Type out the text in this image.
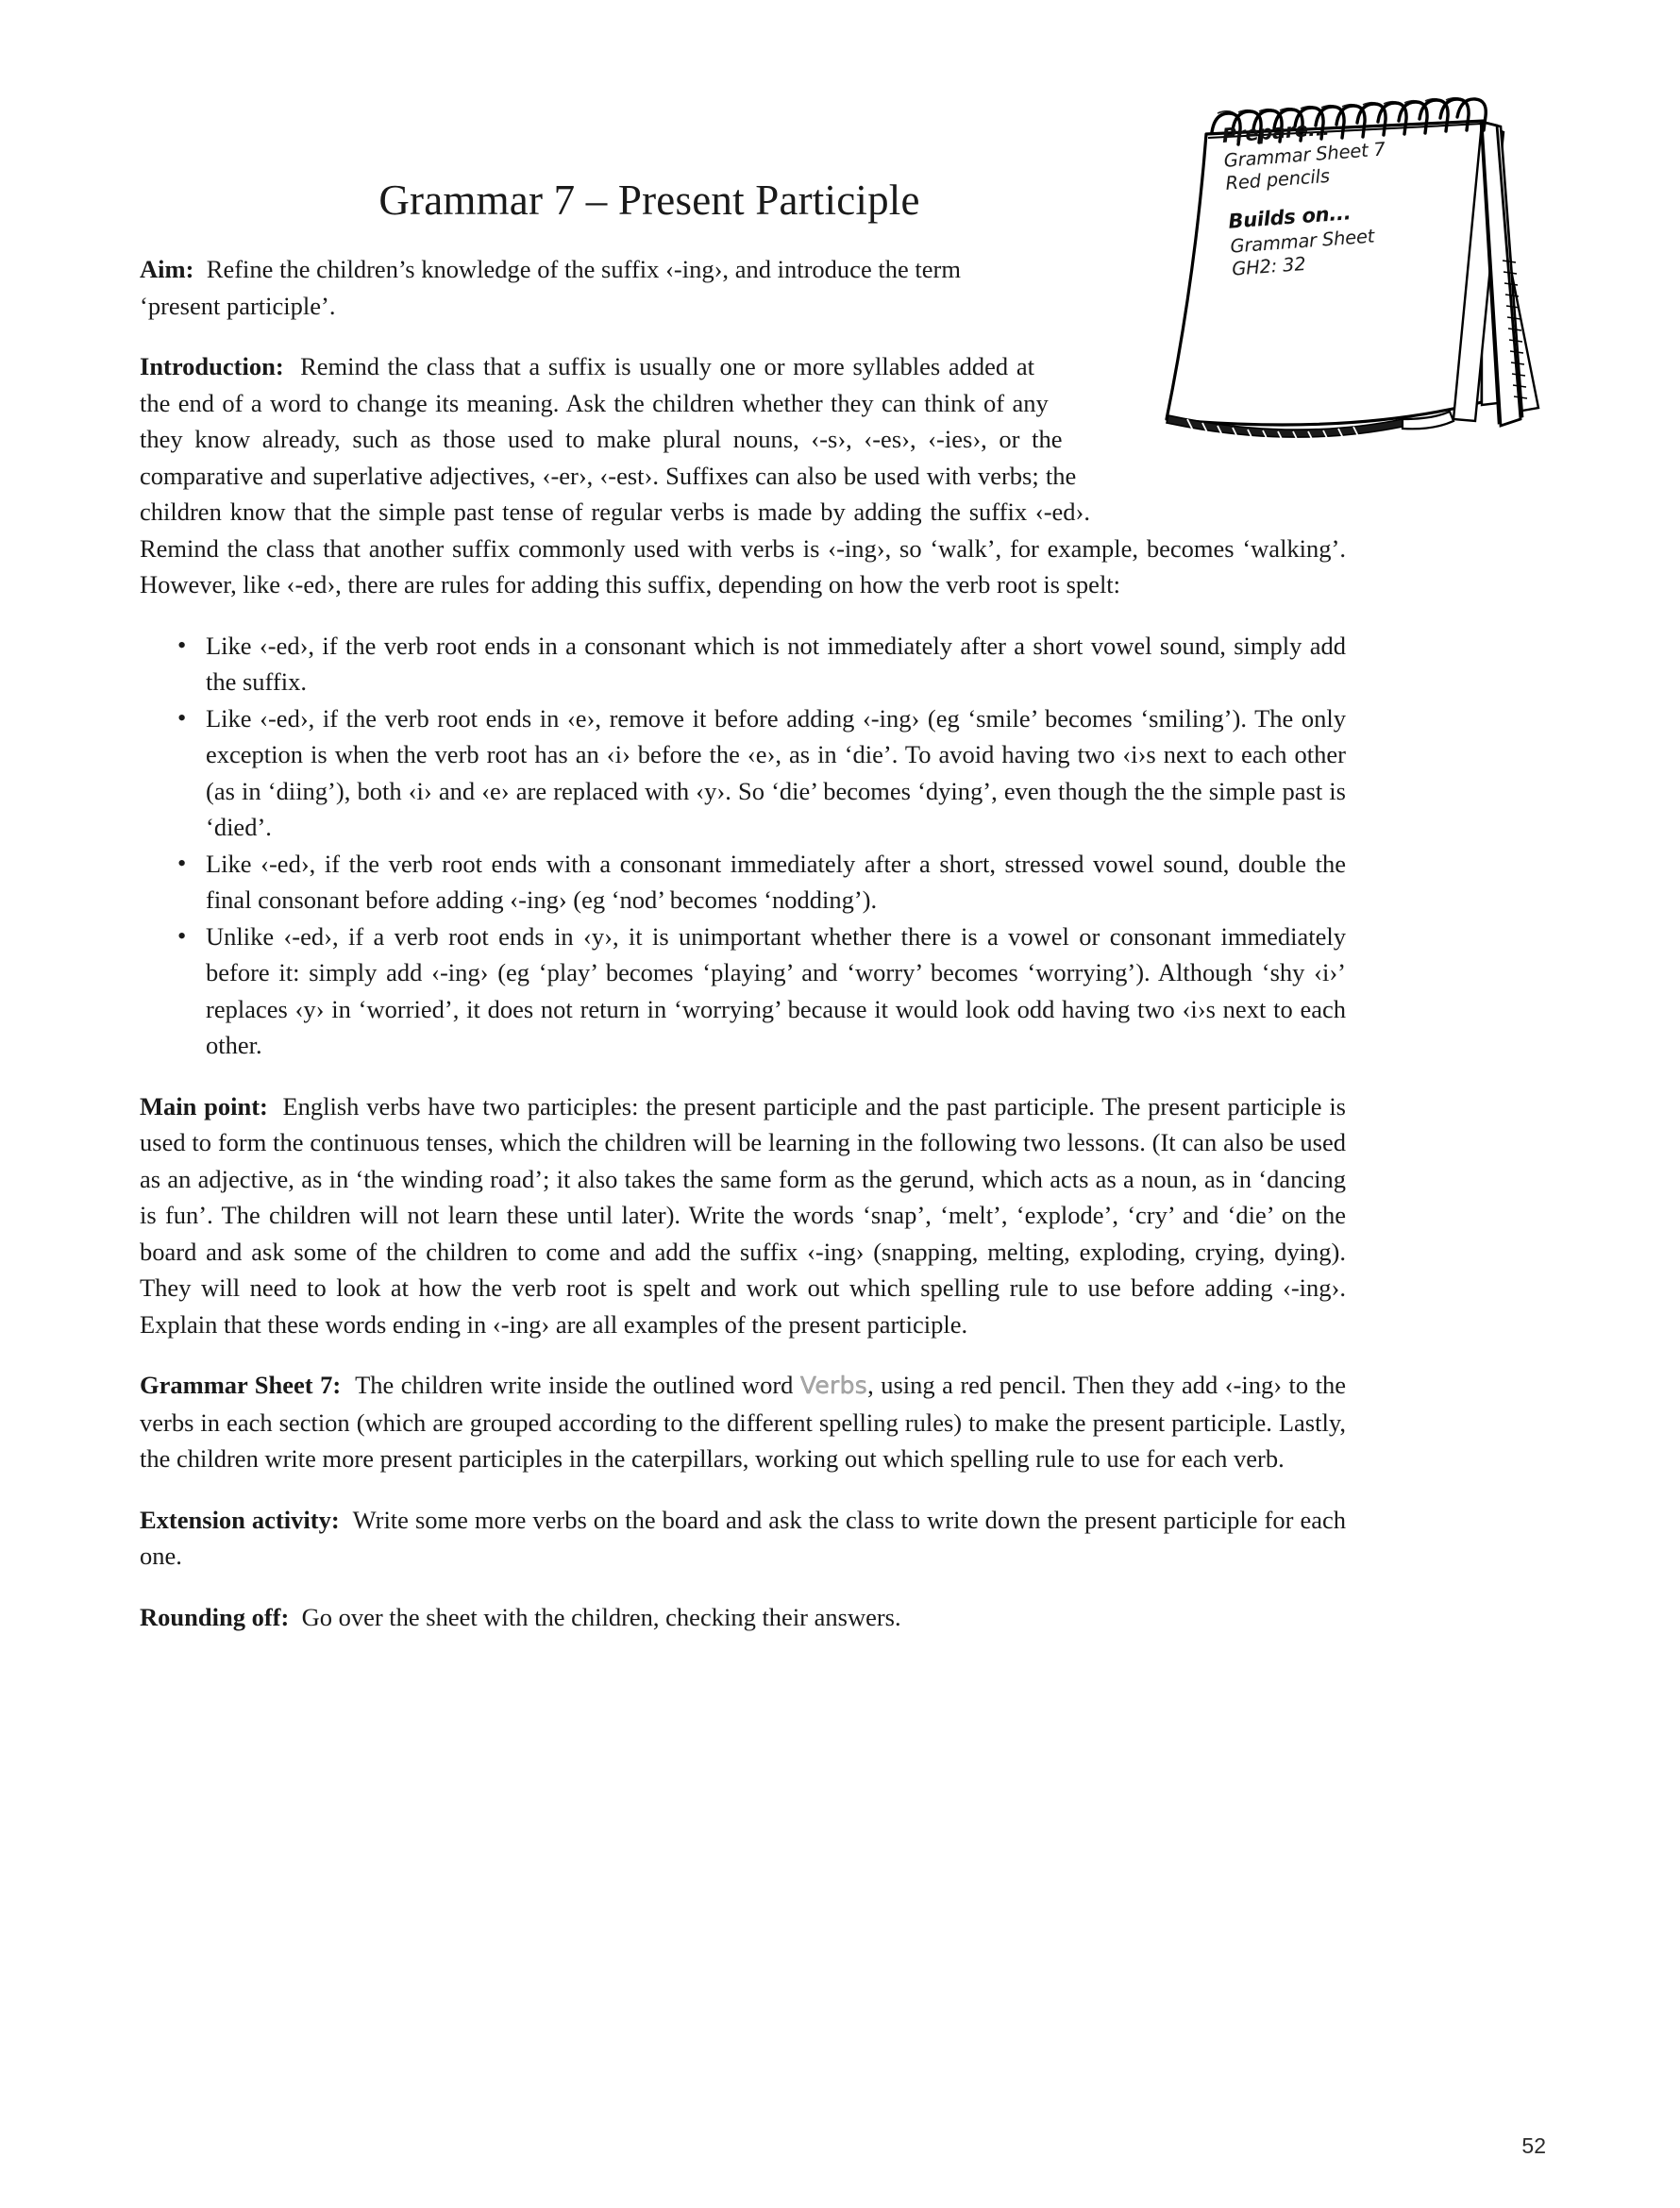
Grammar 7 – Present Participle

Prepare...

Grammar Sheet 7

Red pencils

Builds on...

Grammar Sheet

GH2: 32

Aim: Refine the children’s knowledge of the suffix ‹-ing›, and introduce the term ‘present participle’.

Introduction: Remind the class that a suffix is usually one or more syllables added at the end of a word to change its meaning. Ask the children whether they can think of any they know already, such as those used to make plural nouns, ‹-s›, ‹-es›, ‹-ies›, or the comparative and superlative adjectives, ‹-er›, ‹-est›. Suffixes can also be used with verbs; the children know that the simple past tense of regular verbs is made by adding the suffix ‹-ed›. Remind the class that another suffix commonly used with verbs is ‹-ing›, so ‘walk’, for example, becomes ‘walking’. However, like ‹-ed›, there are rules for adding this suffix, depending on how the verb root is spelt:

• Like ‹-ed›, if the verb root ends in a consonant which is not immediately after a short vowel sound, simply add the suffix.
• Like ‹-ed›, if the verb root ends in ‹e›, remove it before adding ‹-ing› (eg ‘smile’ becomes ‘smiling’). The only exception is when the verb root has an ‹i› before the ‹e›, as in ‘die’. To avoid having two ‹i›s next to each other (as in ‘diing’), both ‹i› and ‹e› are replaced with ‹y›. So ‘die’ becomes ‘dying’, even though the the simple past is ‘died’.
• Like ‹-ed›, if the verb root ends with a consonant immediately after a short, stressed vowel sound, double the final consonant before adding ‹-ing› (eg ‘nod’ becomes ‘nodding’).
• Unlike ‹-ed›, if a verb root ends in ‹y›, it is unimportant whether there is a vowel or consonant immediately before it: simply add ‹-ing› (eg ‘play’ becomes ‘playing’ and ‘worry’ becomes ‘worrying’). Although ‘shy ‹i›’ replaces ‹y› in ‘worried’, it does not return in ‘worrying’ because it would look odd having two ‹i›s next to each other.

Main point: English verbs have two participles: the present participle and the past participle. The present participle is used to form the continuous tenses, which the children will be learning in the following two lessons. (It can also be used as an adjective, as in ‘the winding road’; it also takes the same form as the gerund, which acts as a noun, as in ‘dancing is fun’. The children will not learn these until later). Write the words ‘snap’, ‘melt’, ‘explode’, ‘cry’ and ‘die’ on the board and ask some of the children to come and add the suffix ‹-ing› (snapping, melting, exploding, crying, dying). They will need to look at how the verb root is spelt and work out which spelling rule to use before adding ‹-ing›. Explain that these words ending in ‹-ing› are all examples of the present participle.

Grammar Sheet 7: The children write inside the outlined word Verbs, using a red pencil. Then they add ‹-ing› to the verbs in each section (which are grouped according to the different spelling rules) to make the present participle. Lastly, the children write more present participles in the caterpillars, working out which spelling rule to use for each verb.

Extension activity: Write some more verbs on the board and ask the class to write down the present participle for each one.

Rounding off: Go over the sheet with the children, checking their answers.

52
